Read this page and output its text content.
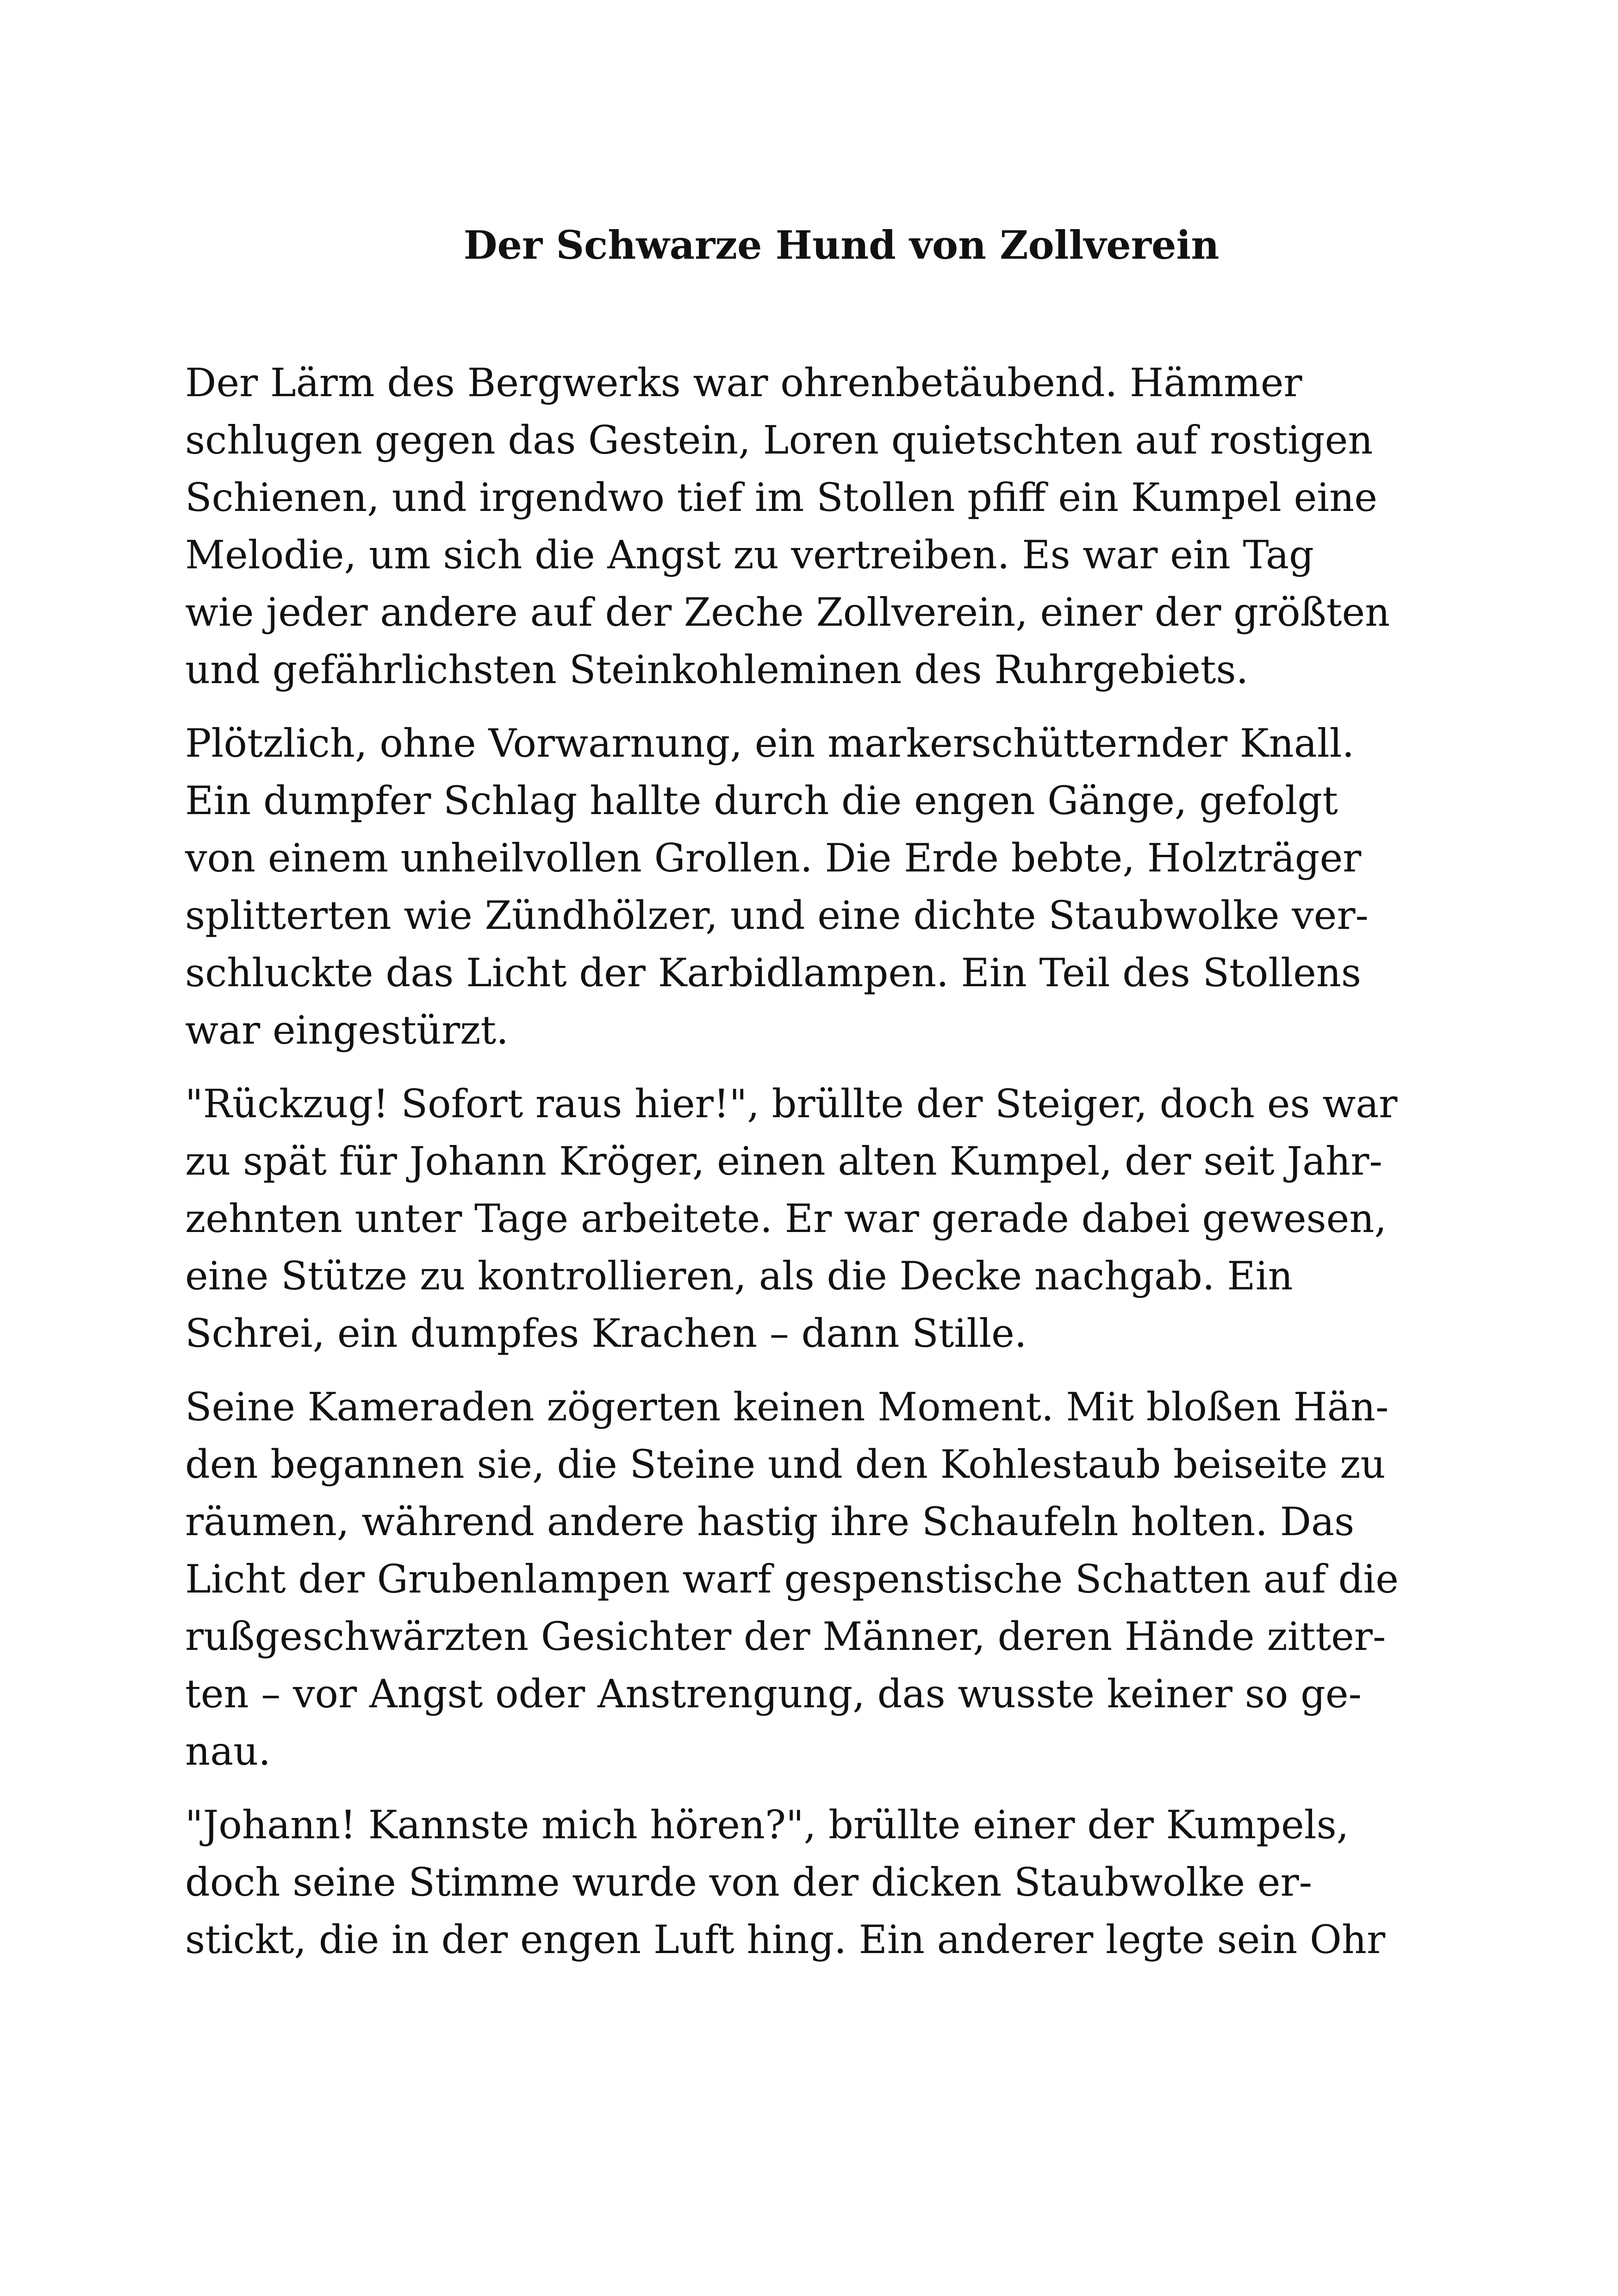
Der Schwarze Hund von Zollverein

Der Lärm des Bergwerks war ohrenbetäubend. Hämmer
schlugen gegen das Gestein, Loren quietschten auf rostigen
Schienen, und irgendwo tief im Stollen pfiff ein Kumpel eine
Melodie, um sich die Angst zu vertreiben. Es war ein Tag
wie jeder andere auf der Zeche Zollverein, einer der größten
und gefährlichsten Steinkohleminen des Ruhrgebiets.

Plötzlich, ohne Vorwarnung, ein markerschütternder Knall.
Ein dumpfer Schlag hallte durch die engen Gänge, gefolgt
von einem unheilvollen Grollen. Die Erde bebte, Holzträger
splitterten wie Zündhölzer, und eine dichte Staubwolke ver-
schluckte das Licht der Karbidlampen. Ein Teil des Stollens
war eingestürzt.

"Rückzug! Sofort raus hier!", brüllte der Steiger, doch es war
zu spät für Johann Kröger, einen alten Kumpel, der seit Jahr-
zehnten unter Tage arbeitete. Er war gerade dabei gewesen,
eine Stütze zu kontrollieren, als die Decke nachgab. Ein
Schrei, ein dumpfes Krachen – dann Stille.

Seine Kameraden zögerten keinen Moment. Mit bloßen Hän-
den begannen sie, die Steine und den Kohlestaub beiseite zu
räumen, während andere hastig ihre Schaufeln holten. Das
Licht der Grubenlampen warf gespenstische Schatten auf die
rußgeschwärzten Gesichter der Männer, deren Hände zitter-
ten – vor Angst oder Anstrengung, das wusste keiner so ge-
nau.

"Johann! Kannste mich hören?", brüllte einer der Kumpels,
doch seine Stimme wurde von der dicken Staubwolke er-
stickt, die in der engen Luft hing. Ein anderer legte sein Ohr
